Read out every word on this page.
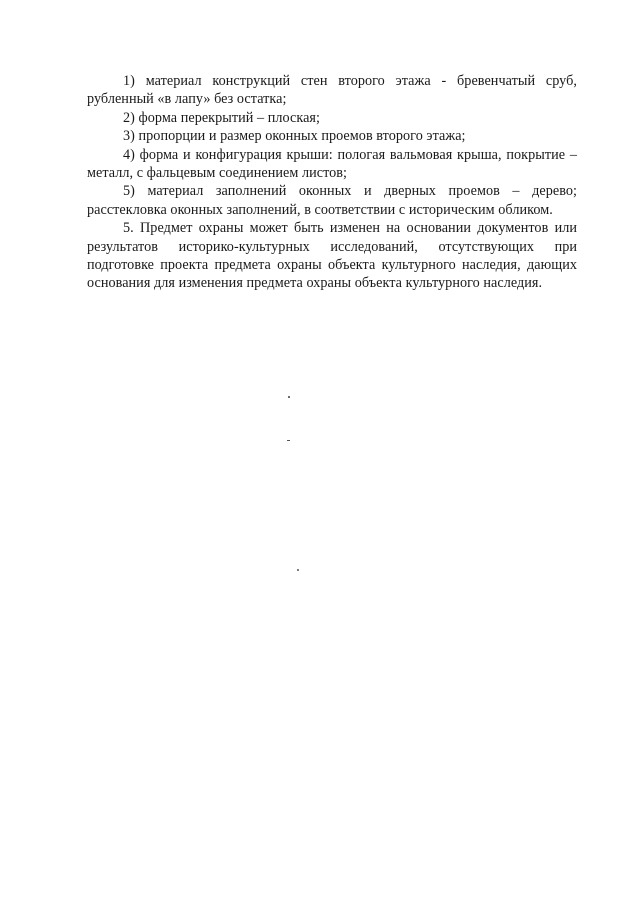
1) материал конструкций стен второго этажа - бревенчатый сруб, рубленный «в лапу» без остатка;

2) форма перекрытий – плоская;

3) пропорции и размер оконных проемов второго этажа;

4) форма и конфигурация крыши: пологая вальмовая крыша, покрытие – металл, с фальцевым соединением листов;

5) материал заполнений оконных и дверных проемов – дерево; расстекловка оконных заполнений, в соответствии с историческим обликом.

5. Предмет охраны может быть изменен на основании документов или результатов историко-культурных исследований, отсутствующих при подготовке проекта предмета охраны объекта культурного наследия, дающих основания для изменения предмета охраны объекта культурного наследия.
